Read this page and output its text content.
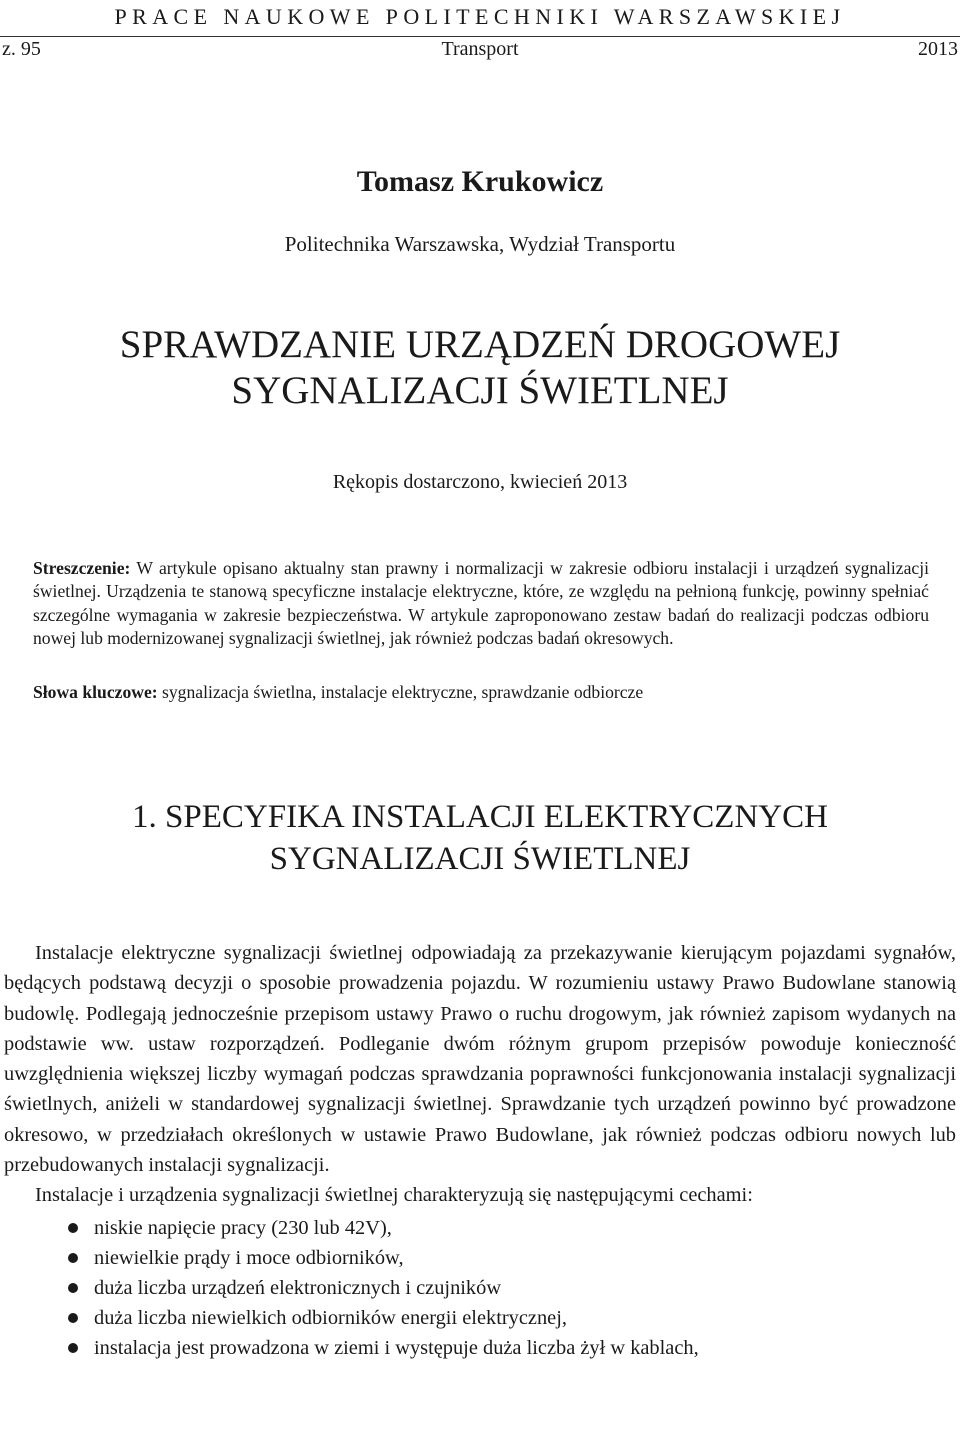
PRACE NAUKOWE POLITECHNIKI WARSZAWSKIEJ
z. 95	Transport	2013
Tomasz Krukowicz
Politechnika Warszawska, Wydział Transportu
SPRAWDZANIE URZĄDZEŃ DROGOWEJ
SYGNALIZACJI ŚWIETLNEJ
Rękopis dostarczono, kwiecień 2013
Streszczenie: W artykule opisano aktualny stan prawny i normalizacji w zakresie odbioru instalacji i urządzeń sygnalizacji świetlnej. Urządzenia te stanową specyficzne instalacje elektryczne, które, ze względu na pełnioną funkcję, powinny spełniać szczególne wymagania w zakresie bezpieczeństwa. W artykule zaproponowano zestaw badań do realizacji podczas odbioru nowej lub modernizowanej sygnalizacji świetlnej, jak również podczas badań okresowych.
Słowa kluczowe: sygnalizacja świetlna, instalacje elektryczne, sprawdzanie odbiorcze
1. SPECYFIKA INSTALACJI ELEKTRYCZNYCH
SYGNALIZACJI ŚWIETLNEJ

Instalacje elektryczne sygnalizacji świetlnej odpowiadają za przekazywanie kierującym pojazdami sygnałów, będących podstawą decyzji o sposobie prowadzenia pojazdu. W rozumieniu ustawy Prawo Budowlane stanowią budowlę. Podlegają jednocześnie przepisom ustawy Prawo o ruchu drogowym, jak również zapisom wydanych na podstawie ww. ustaw rozporządzeń. Podleganie dwóm różnym grupom przepisów powoduje konieczność uwzględnienia większej liczby wymagań podczas sprawdzania poprawności funkcjonowania instalacji sygnalizacji świetlnych, aniżeli w standardowej sygnalizacji świetlnej. Sprawdzanie tych urządzeń powinno być prowadzone okresowo, w przedziałach określonych w ustawie Prawo Budowlane, jak również podczas odbioru nowych lub przebudowanych instalacji sygnalizacji.

Instalacje i urządzenia sygnalizacji świetlnej charakteryzują się następującymi cechami:

niskie napięcie pracy (230 lub 42V),
niewielkie prądy i moce odbiorników,
duża liczba urządzeń elektronicznych i czujników
duża liczba niewielkich odbiorników energii elektrycznej,
instalacja jest prowadzona w ziemi i występuje duża liczba żył w kablach,
